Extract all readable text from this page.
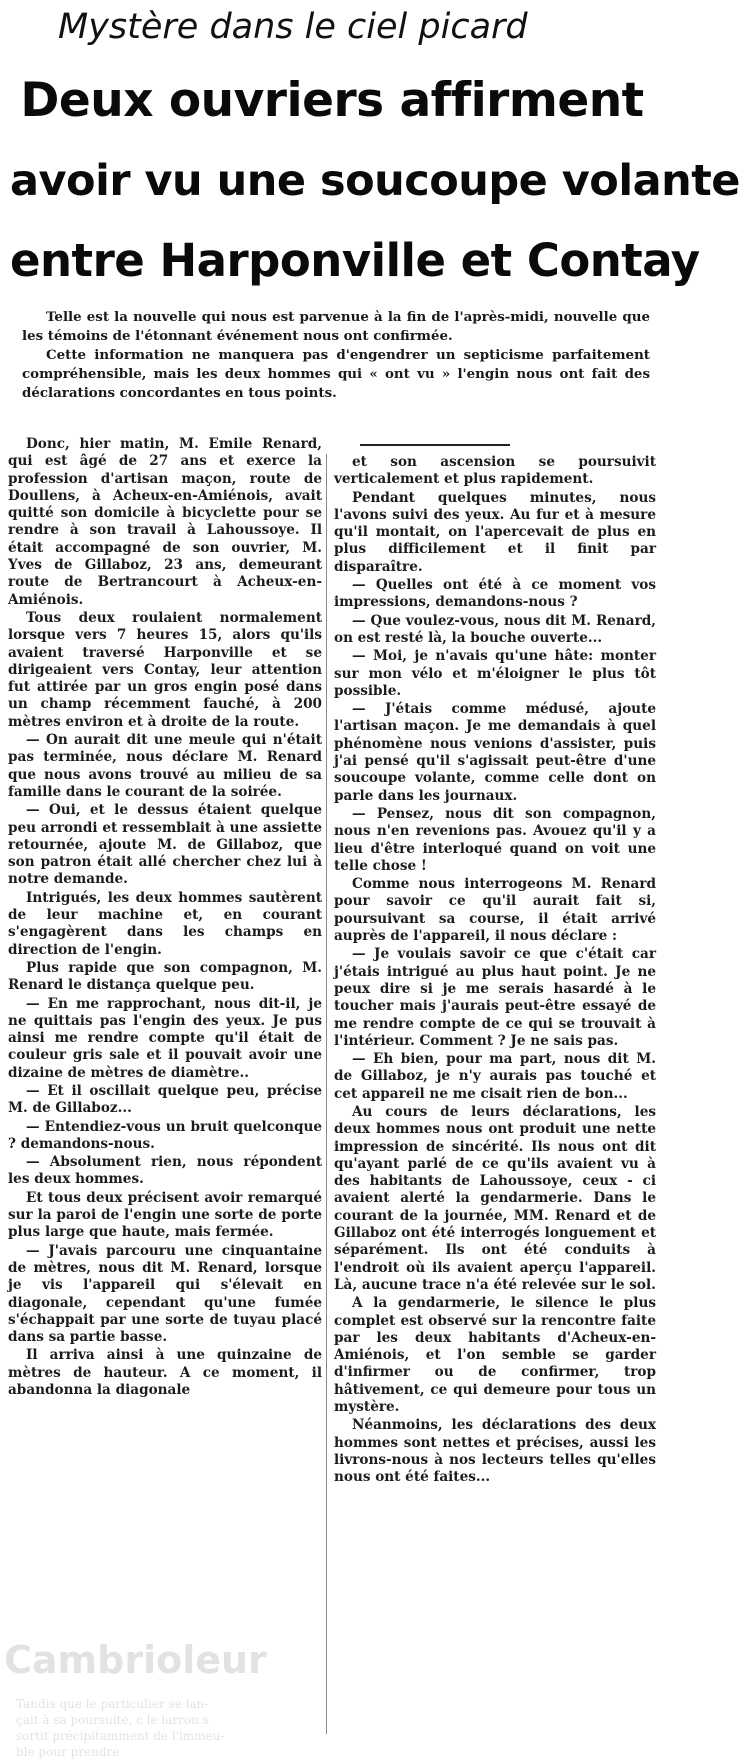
Mystère dans le ciel picard
Deux ouvriers affirment
avoir vu une soucoupe volante
entre Harponville et Contay

Telle est la nouvelle qui nous est parvenue à la fin de l'après-midi, nouvelle que les témoins de l'étonnant événement nous ont confirmée.

Cette information ne manquera pas d'engendrer un septicisme parfaitement compréhensible, mais les deux hommes qui « ont vu » l'engin nous ont fait des déclarations concordantes en tous points.

Donc, hier matin, M. Emile Renard, qui est âgé de 27 ans et exerce la profession d'artisan maçon, route de Doullens, à Acheux-en-Amiénois, avait quitté son domicile à bicyclette pour se rendre à son travail à Lahoussoye. Il était accompagné de son ouvrier, M. Yves de Gillaboz, 23 ans, demeurant route de Bertrancourt à Acheux-en-Amiénois.

Tous deux roulaient normalement lorsque vers 7 heures 15, alors qu'ils avaient traversé Harponville et se dirigeaient vers Contay, leur attention fut attirée par un gros engin posé dans un champ récemment fauché, à 200 mètres environ et à droite de la route.

— On aurait dit une meule qui n'était pas terminée, nous déclare M. Renard que nous avons trouvé au milieu de sa famille dans le courant de la soirée.

— Oui, et le dessus étaient quelque peu arrondi et ressemblait à une assiette retournée, ajoute M. de Gillaboz, que son patron était allé chercher chez lui à notre demande.

Intrigués, les deux hommes sautèrent de leur machine et, en courant s'engagèrent dans les champs en direction de l'engin.

Plus rapide que son compagnon, M. Renard le distança quelque peu.

— En me rapprochant, nous dit-il, je ne quittais pas l'engin des yeux. Je pus ainsi me rendre compte qu'il était de couleur gris sale et il pouvait avoir une dizaine de mètres de diamètre..

— Et il oscillait quelque peu, précise M. de Gillaboz...

— Entendiez-vous un bruit quelconque ? demandons-nous.

— Absolument rien, nous répondent les deux hommes.

Et tous deux précisent avoir remarqué sur la paroi de l'engin une sorte de porte plus large que haute, mais fermée.

— J'avais parcouru une cinquantaine de mètres, nous dit M. Renard, lorsque je vis l'appareil qui s'élevait en diagonale, cependant qu'une fumée s'échappait par une sorte de tuyau placé dans sa partie basse.

Il arriva ainsi à une quinzaine de mètres de hauteur. A ce moment, il abandonna la diagonale

et son ascension se poursuivit verticalement et plus rapidement.

Pendant quelques minutes, nous l'avons suivi des yeux. Au fur et à mesure qu'il montait, on l'apercevait de plus en plus difficilement et il finit par disparaître.

— Quelles ont été à ce moment vos impressions, demandons-nous ?

— Que voulez-vous, nous dit M. Renard, on est resté là, la bouche ouverte...

— Moi, je n'avais qu'une hâte: monter sur mon vélo et m'éloigner le plus tôt possible.

— J'étais comme médusé, ajoute l'artisan maçon. Je me demandais à quel phénomène nous venions d'assister, puis j'ai pensé qu'il s'agissait peut-être d'une soucoupe volante, comme celle dont on parle dans les journaux.

— Pensez, nous dit son compagnon, nous n'en revenions pas. Avouez qu'il y a lieu d'être interloqué quand on voit une telle chose !

Comme nous interrogeons M. Renard pour savoir ce qu'il aurait fait si, poursuivant sa course, il était arrivé auprès de l'appareil, il nous déclare :

— Je voulais savoir ce que c'était car j'étais intrigué au plus haut point. Je ne peux dire si je me serais hasardé à le toucher mais j'aurais peut-être essayé de me rendre compte de ce qui se trouvait à l'intérieur. Comment ? Je ne sais pas.

— Eh bien, pour ma part, nous dit M. de Gillaboz, je n'y aurais pas touché et cet appareil ne me cisait rien de bon...

Au cours de leurs déclarations, les deux hommes nous ont produit une nette impression de sincérité. Ils nous ont dit qu'ayant parlé de ce qu'ils avaient vu à des habitants de Lahoussoye, ceux - ci avaient alerté la gendarmerie. Dans le courant de la journée, MM. Renard et de Gillaboz ont été interrogés longuement et séparément. Ils ont été conduits à l'endroit où ils avaient aperçu l'appareil. Là, aucune trace n'a été relevée sur le sol.

A la gendarmerie, le silence le plus complet est observé sur la rencontre faite par les deux habitants d'Acheux-en-Amiénois, et l'on semble se garder d'infirmer ou de confirmer, trop hâtivement, ce qui demeure pour tous un mystère.

Néanmoins, les déclarations des deux hommes sont nettes et précises, aussi les livrons-nous à nos lecteurs telles qu'elles nous ont été faites...

Cambrioleur

Tandis que le particulier se lan-

çait à sa poursuite, c le larron s

sortit précipitamment de l'immeu-

ble pour prendre
